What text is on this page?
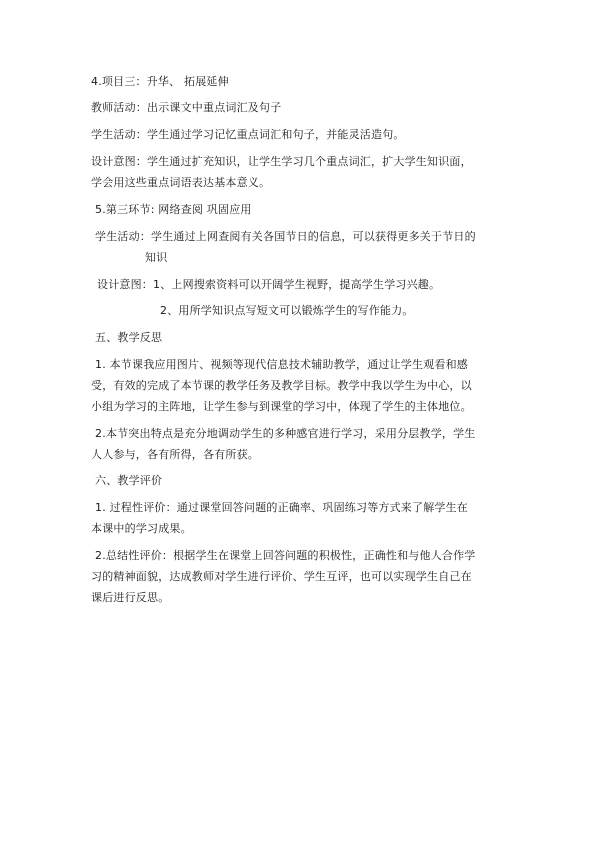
4.项目三：升华、 拓展延伸
教师活动：出示课文中重点词汇及句子
学生活动：学生通过学习记忆重点词汇和句子，并能灵活造句。
设计意图：学生通过扩充知识，让学生学习几个重点词汇，扩大学生知识面，
学会用这些重点词语表达基本意义。
5.第三环节: 网络查阅 巩固应用
学生活动：学生通过上网查阅有关各国节日的信息，可以获得更多关于节日的
知识
设计意图：1、上网搜索资料可以开阔学生视野，提高学生学习兴趣。
2、用所学知识点写短文可以锻炼学生的写作能力。
五、教学反思
1. 本节课我应用图片、视频等现代信息技术辅助教学，通过让学生观看和感
受，有效的完成了本节课的教学任务及教学目标。教学中我以学生为中心，以
小组为学习的主阵地，让学生参与到课堂的学习中，体现了学生的主体地位。
2.本节突出特点是充分地调动学生的多种感官进行学习，采用分层教学，学生
人人参与，各有所得，各有所获。
六、教学评价
1. 过程性评价：通过课堂回答问题的正确率、巩固练习等方式来了解学生在
本课中的学习成果。
2.总结性评价：根据学生在课堂上回答问题的积极性，正确性和与他人合作学
习的精神面貌，达成教师对学生进行评价、学生互评，也可以实现学生自己在
课后进行反思。
